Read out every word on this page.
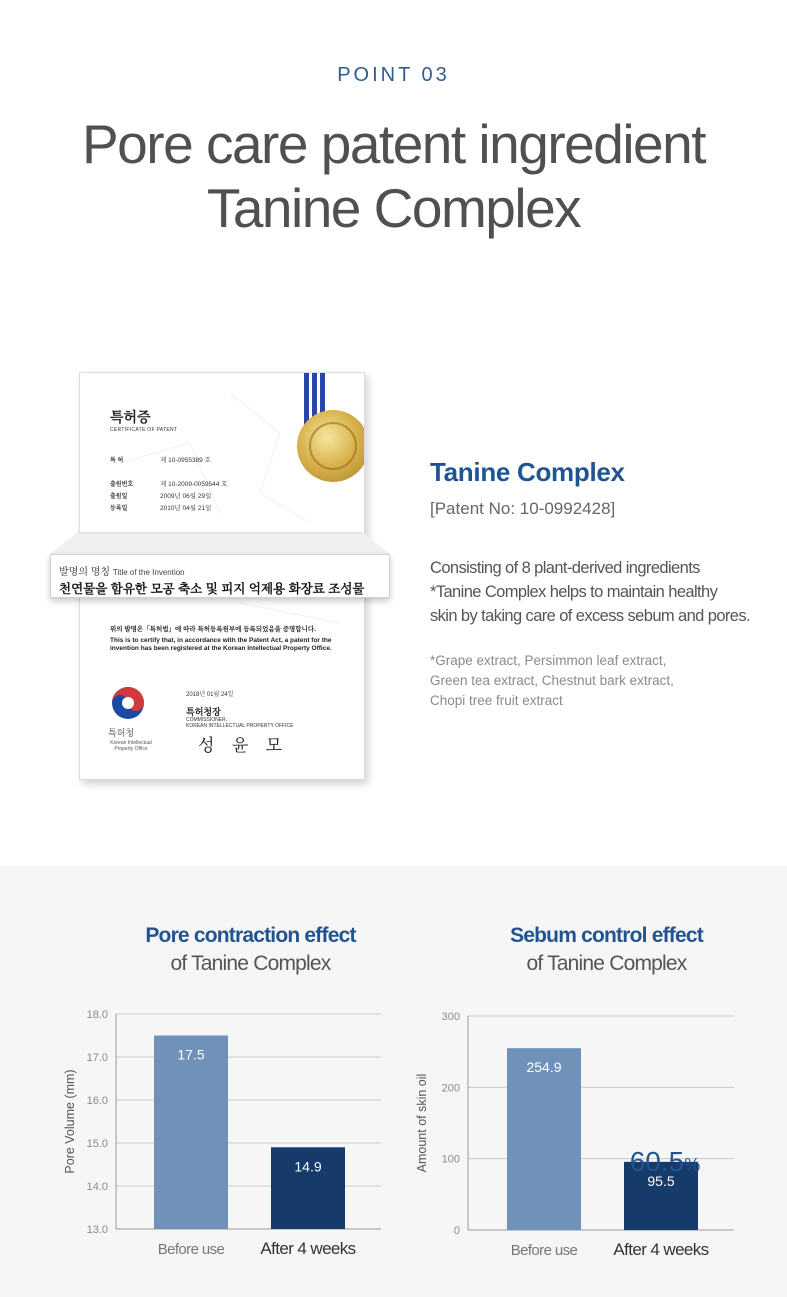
POINT 03
Pore care patent ingredient
Tanine Complex
특허증
CERTIFICATE OF PATENT
특 허	제 10-0955389 호
출원번호	제 10-2009-0059544 호
출원일	2009년 06월 29일
등록일	2010년 04월 21일
위의 발명은「특허법」에 따라 특허등록원부에 등록되었음을 증명합니다.
This is to certify that, in accordance with the Patent Act, a patent for the invention has been registered at the Korean Intellectual Property Office.
특허청
Korean Intellectual Property Office
2018년 01월 24일
특허청장
COMMISSIONER,
KOREAN INTELLECTUAL PROPERTY OFFICE
성 윤 모
발명의 명칭 Title of the Invention
천연물을 함유한 모공 축소 및 피지 억제용 화장료 조성물
Tanine Complex
[Patent No: 10-0992428]
Consisting of 8 plant-derived ingredients
*Tanine Complex helps to maintain healthy
skin by taking care of excess sebum and pores.
*Grape extract, Persimmon leaf extract,
Green tea extract, Chestnut bark extract,
Chopi tree fruit extract
Pore contraction effect
of Tanine Complex
Sebum control effect
of Tanine Complex
13.0
14.0
15.0
16.0
17.0
18.0
Pore Volume (mm)
17.5
Before use
14.9
After 4 weeks
0
100
200
300
Amount of skin oil
254.9
Before use
95.5
After 4 weeks
60.5%
